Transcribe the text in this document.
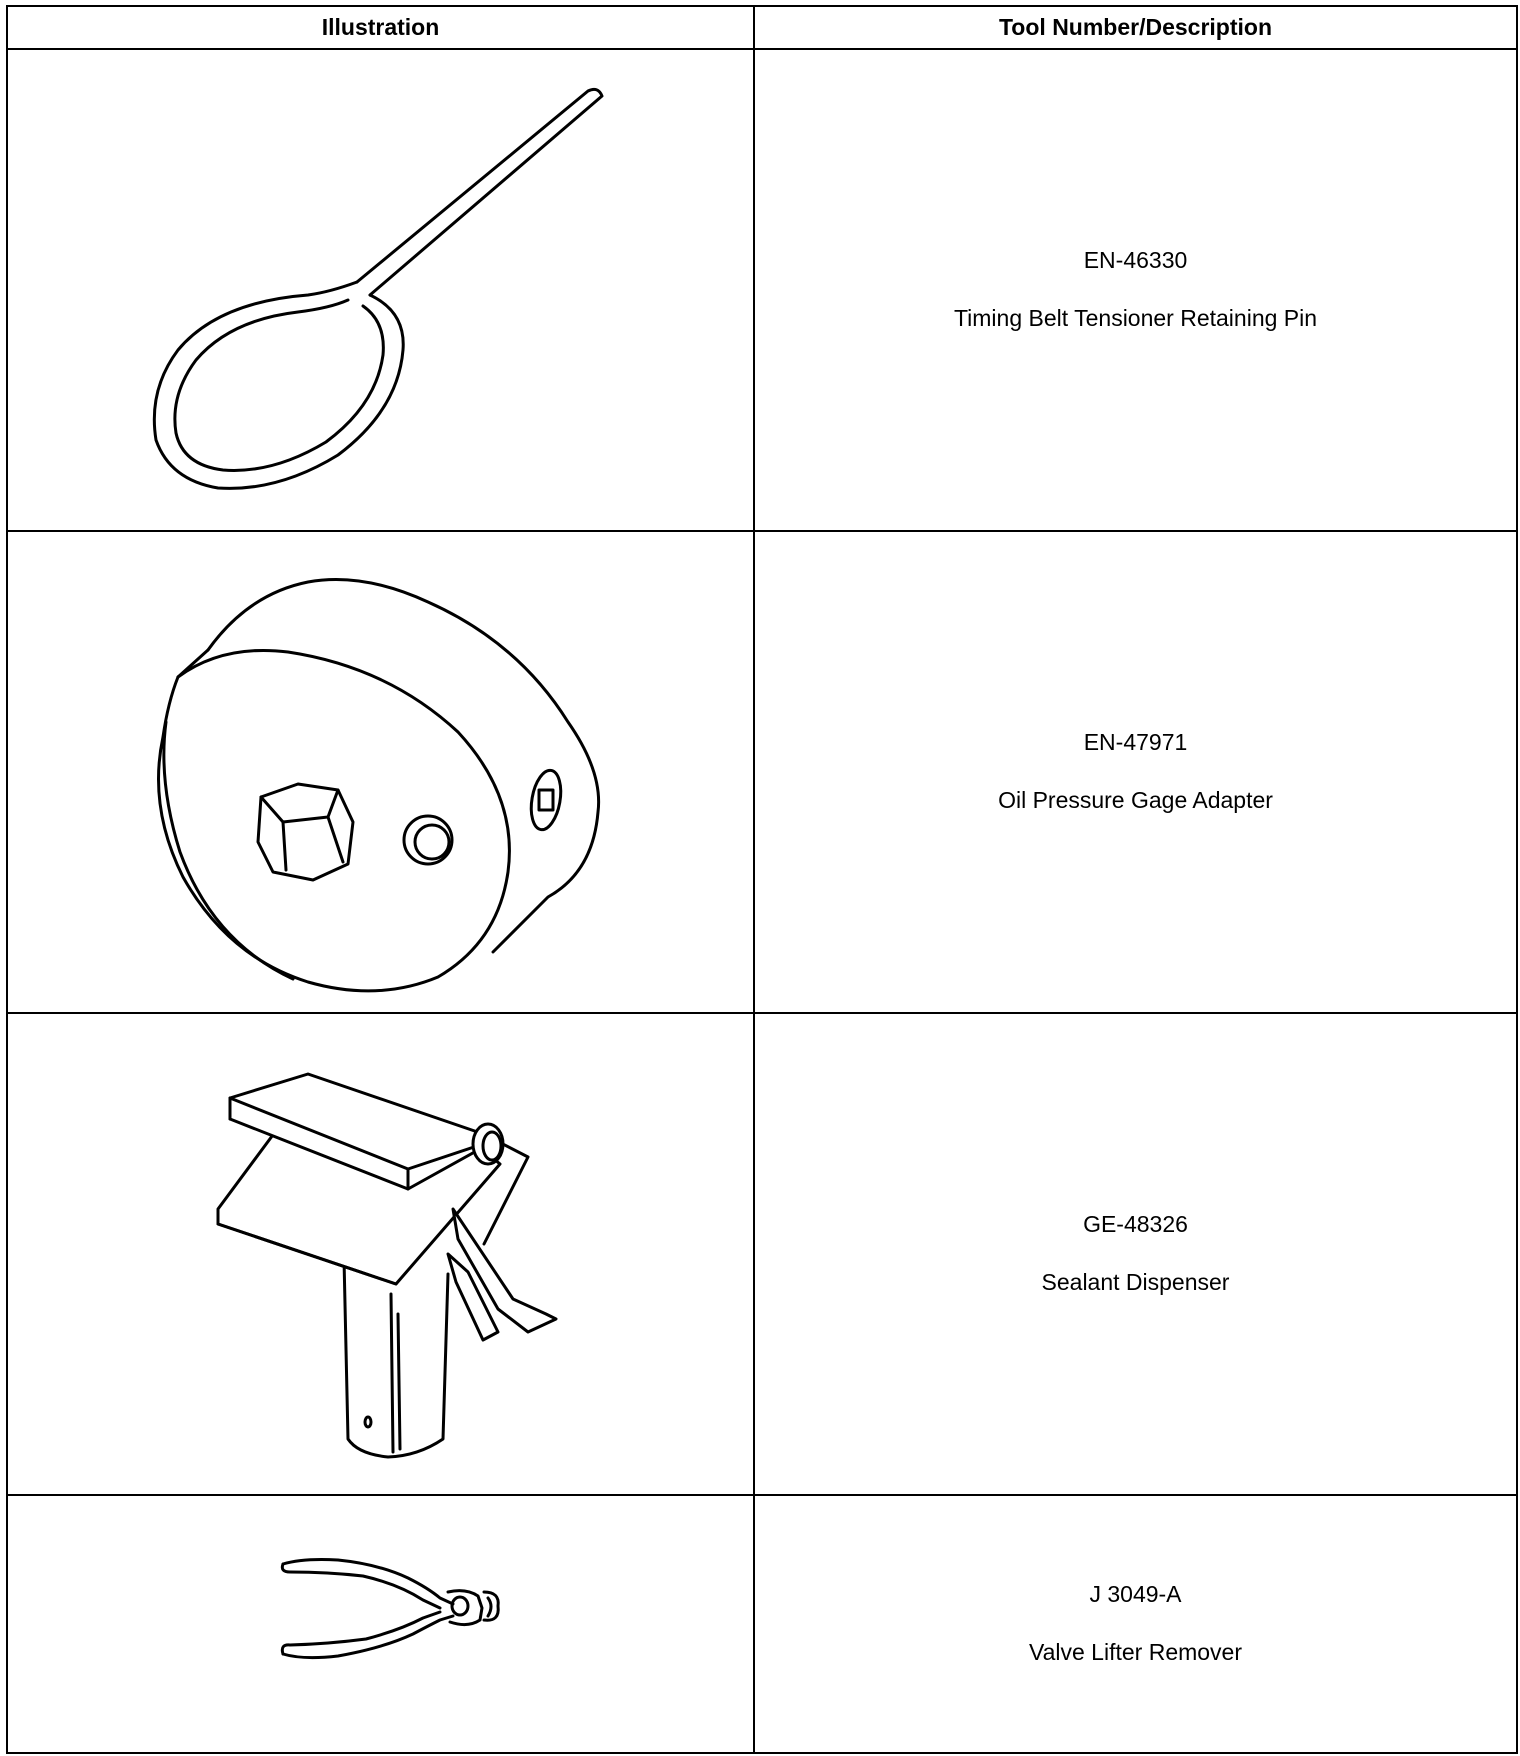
Illustration	Tool Number/Description

EN-46330
Timing Belt Tensioner Retaining Pin

EN-47971
Oil Pressure Gage Adapter

GE-48326
Sealant Dispenser

J 3049-A
Valve Lifter Remover
